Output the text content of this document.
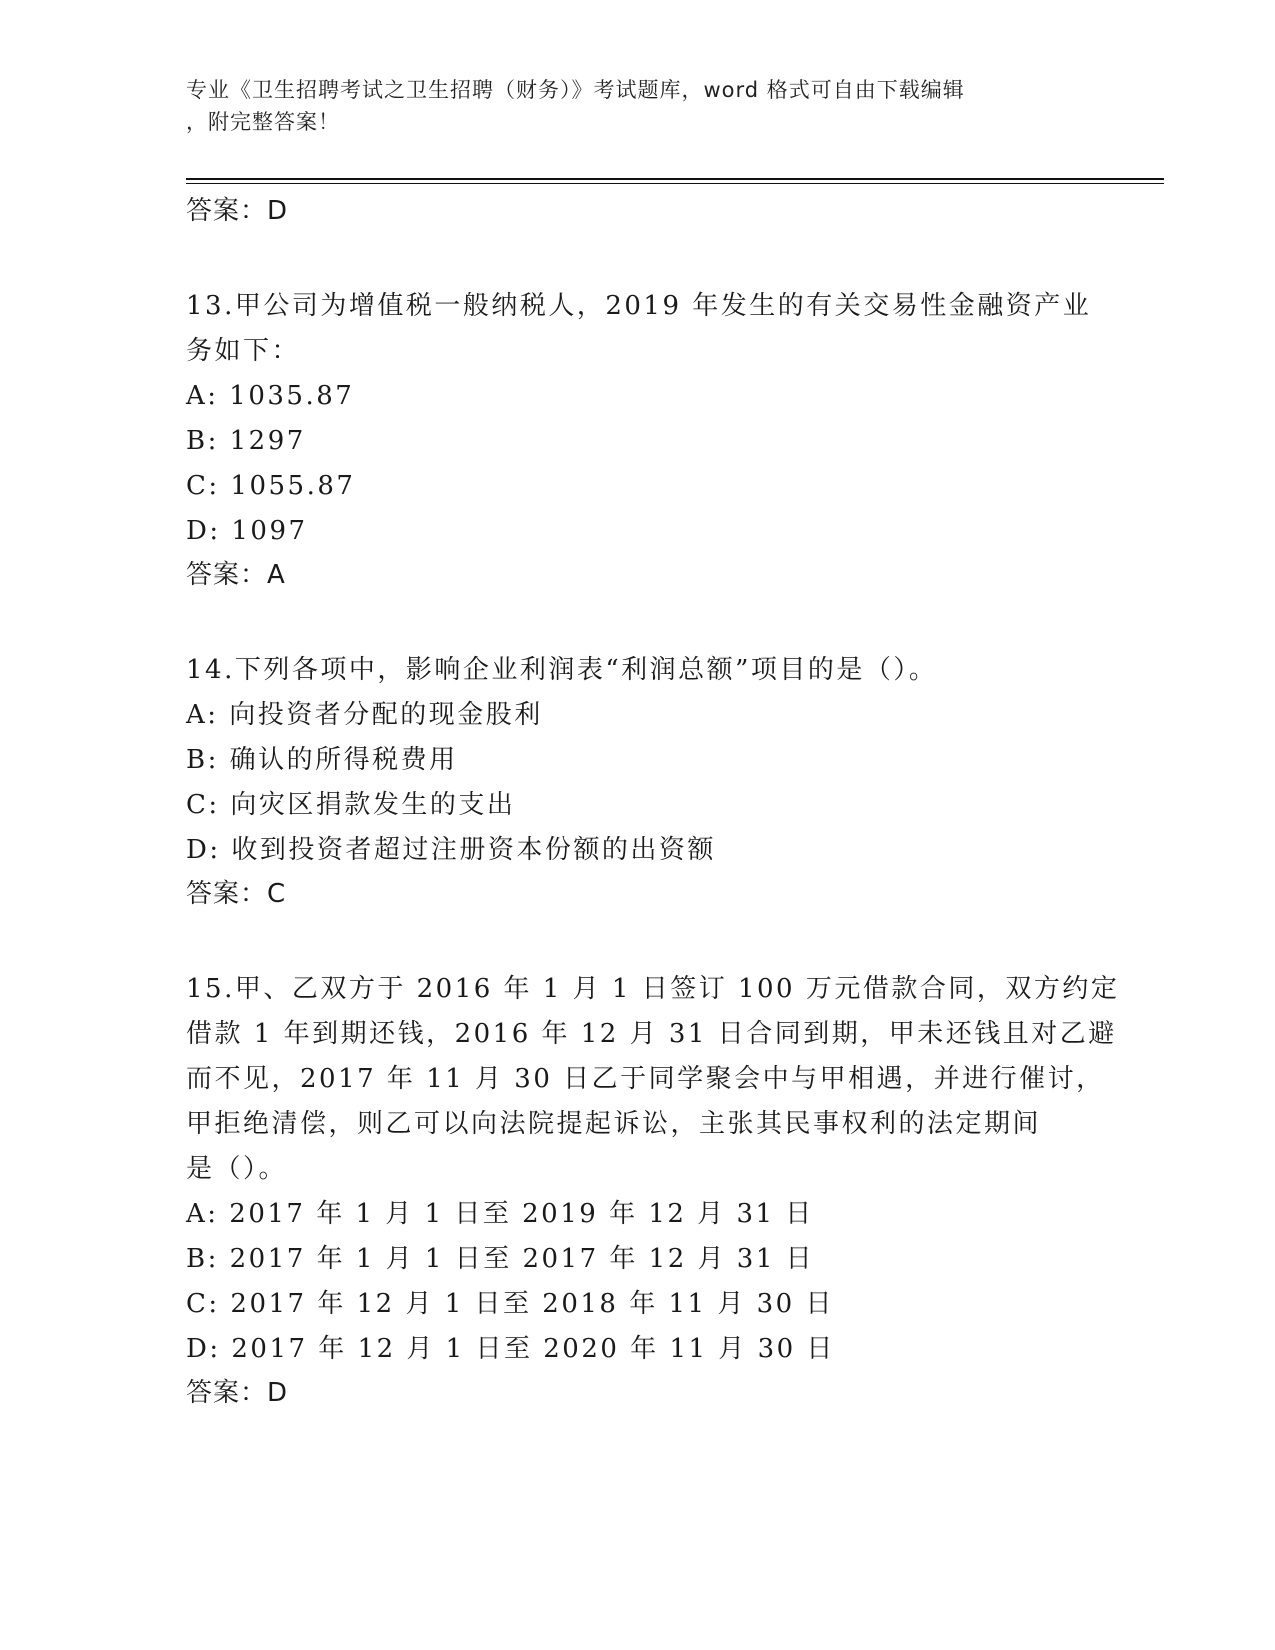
专业《卫生招聘考试之卫生招聘（财务）》考试题库，word 格式可自由下载编辑
，附完整答案！
答案：D
13.甲公司为增值税一般纳税人，2019 年发生的有关交易性金融资产业
务如下：
A: 1035.87
B: 1297
C: 1055.87
D: 1097
答案：A
14.下列各项中，影响企业利润表“利润总额”项目的是（）。
A: 向投资者分配的现金股利
B: 确认的所得税费用
C: 向灾区捐款发生的支出
D: 收到投资者超过注册资本份额的出资额
答案：C
15.甲、乙双方于 2016 年 1 月 1 日签订 100 万元借款合同，双方约定
借款 1 年到期还钱，2016 年 12 月 31 日合同到期，甲未还钱且对乙避
而不见，2017 年 11 月 30 日乙于同学聚会中与甲相遇，并进行催讨，
甲拒绝清偿，则乙可以向法院提起诉讼，主张其民事权利的法定期间
是（）。
A: 2017 年 1 月 1 日至 2019 年 12 月 31 日
B: 2017 年 1 月 1 日至 2017 年 12 月 31 日
C: 2017 年 12 月 1 日至 2018 年 11 月 30 日
D: 2017 年 12 月 1 日至 2020 年 11 月 30 日
答案：D
